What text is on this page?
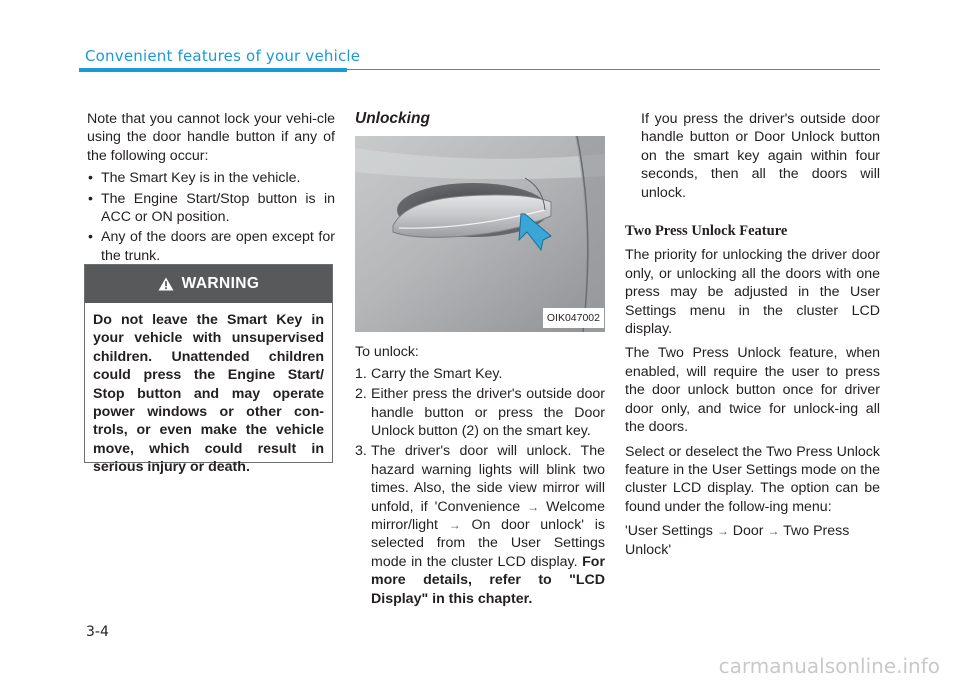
Convenient features of your vehicle

Note that you cannot lock your vehi-cle using the door handle button if any of the following occur:

• The Smart Key is in the vehicle.
• The Engine Start/Stop button is in ACC or ON position.
• Any of the doors are open except for the trunk.
WARNING
Do not leave the Smart Key in your vehicle with unsupervised children. Unattended children could press the Engine Start/ Stop button and may operate power windows or other con-trols, or even make the vehicle move, which could result in serious injury or death.
Unlocking
OIK047002

To unlock:

1. Carry the Smart Key.
2. Either press the driver's outside door handle button or press the Door Unlock button (2) on the smart key.
3. The driver's door will unlock. The hazard warning lights will blink two times. Also, the side view mirror will unfold, if 'Convenience → Welcome mirror/light → On door unlock' is selected from the User Settings mode in the cluster LCD display. For more details, refer to "LCD Display" in this chapter.

If you press the driver's outside door handle button or Door Unlock button on the smart key again within four seconds, then all the doors will unlock.

Two Press Unlock Feature

The priority for unlocking the driver door only, or unlocking all the doors with one press may be adjusted in the User Settings menu in the cluster LCD display.

The Two Press Unlock feature, when enabled, will require the user to press the door unlock button once for driver door only, and twice for unlock-ing all the doors.

Select or deselect the Two Press Unlock feature in the User Settings mode on the cluster LCD display. The option can be found under the follow-ing menu:

'User Settings → Door → Two Press Unlock'

3-4
carmanualsonline.info
